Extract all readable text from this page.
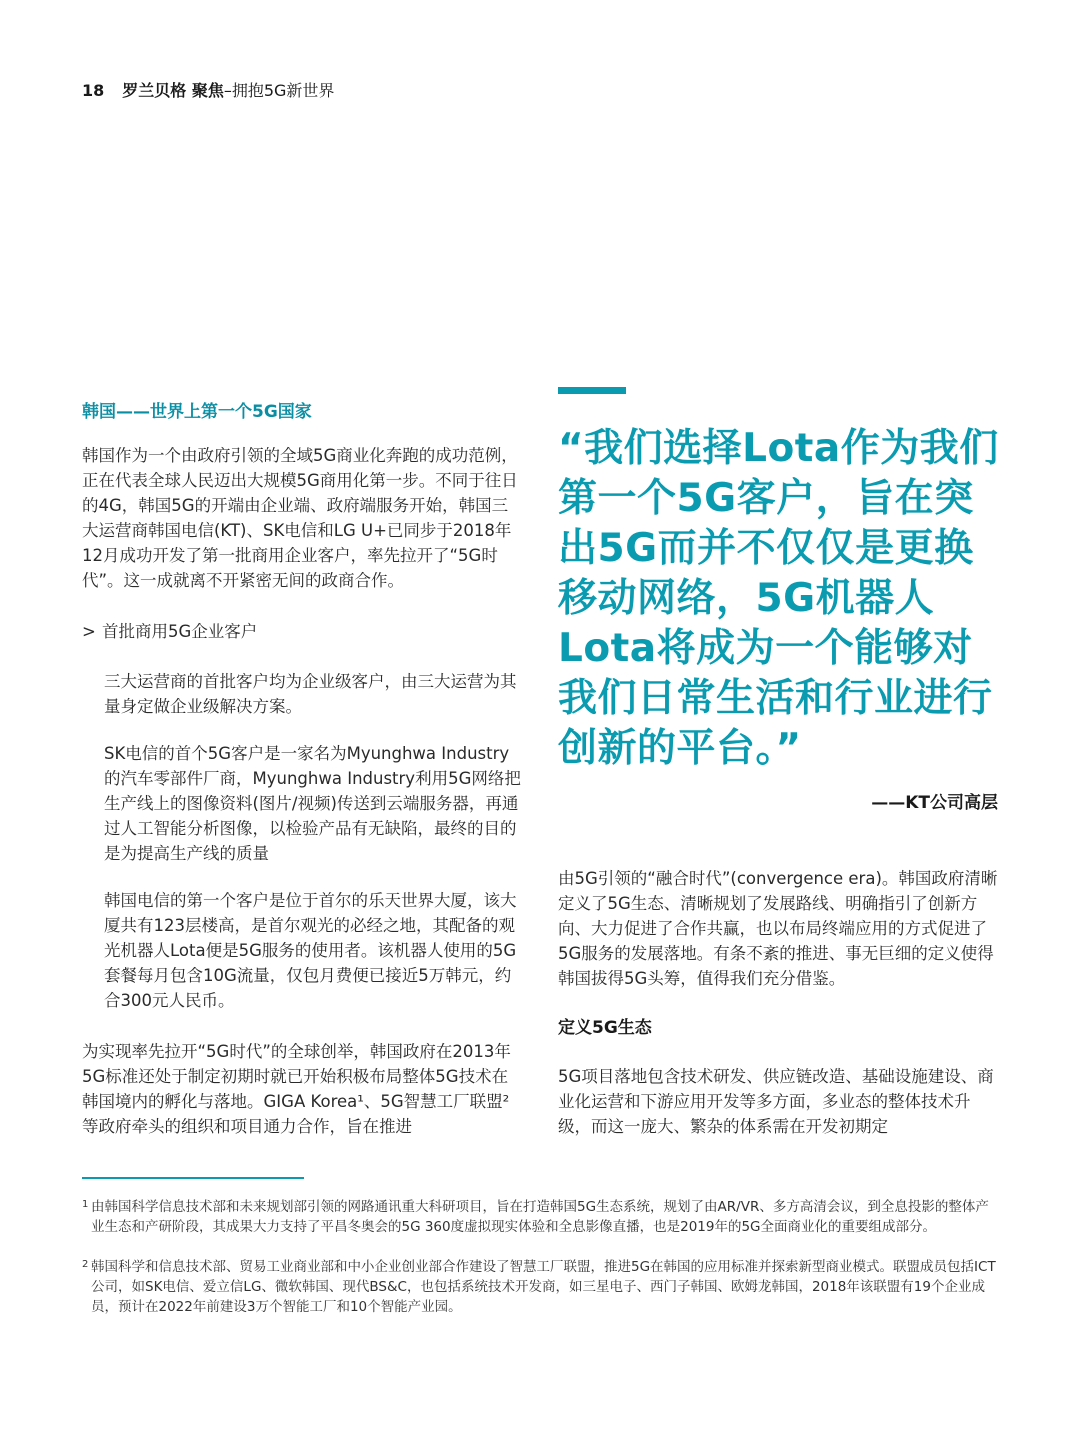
18 罗兰贝格 聚焦–拥抱5G新世界
韩国——世界上第一个5G国家

韩国作为一个由政府引领的全域5G商业化奔跑的成功范例，正在代表全球人民迈出大规模5G商用化第一步。不同于往日的4G，韩国5G的开端由企业端、政府端服务开始，韩国三大运营商韩国电信(KT)、SK电信和LG U+已同步于2018年12月成功开发了第一批商用企业客户，率先拉开了“5G时代”。这一成就离不开紧密无间的政商合作。

> 首批商用5G企业客户

三大运营商的首批客户均为企业级客户，由三大运营为其量身定做企业级解决方案。

SK电信的首个5G客户是一家名为Myunghwa Industry的汽车零部件厂商，Myunghwa Industry利用5G网络把生产线上的图像资料(图片/视频)传送到云端服务器，再通过人工智能分析图像，以检验产品有无缺陷，最终的目的是为提高生产线的质量

韩国电信的第一个客户是位于首尔的乐天世界大厦，该大厦共有123层楼高，是首尔观光的必经之地，其配备的观光机器人Lota便是5G服务的使用者。该机器人使用的5G套餐每月包含10G流量，仅包月费便已接近5万韩元，约合300元人民币。

为实现率先拉开“5G时代”的全球创举，韩国政府在2013年5G标准还处于制定初期时就已开始积极布局整体5G技术在韩国境内的孵化与落地。GIGA Korea¹、5G智慧工厂联盟²等政府牵头的组织和项目通力合作，旨在推进

“我们选择Lota作为我们第一个5G客户，旨在突出5G而并不仅仅是更换移动网络，5G机器人Lota将成为一个能够对我们日常生活和行业进行创新的平台。”
——KT公司高层

由5G引领的“融合时代”(convergence era)。韩国政府清晰定义了5G生态、清晰规划了发展路线、明确指引了创新方向、大力促进了合作共赢，也以布局终端应用的方式促进了5G服务的发展落地。有条不紊的推进、事无巨细的定义使得韩国拔得5G头筹，值得我们充分借鉴。

定义5G生态

5G项目落地包含技术研发、供应链改造、基础设施建设、商业化运营和下游应用开发等多方面，多业态的整体技术升级，而这一庞大、繁杂的体系需在开发初期定

1 由韩国科学信息技术部和未来规划部引领的网路通讯重大科研项目，旨在打造韩国5G生态系统，规划了由AR/VR、多方高清会议，到全息投影的整体产业生态和产研阶段，其成果大力支持了平昌冬奥会的5G 360度虚拟现实体验和全息影像直播，也是2019年的5G全面商业化的重要组成部分。
2 韩国科学和信息技术部、贸易工业商业部和中小企业创业部合作建设了智慧工厂联盟，推进5G在韩国的应用标准并探索新型商业模式。联盟成员包括ICT公司，如SK电信、爱立信LG、微软韩国、现代BS&C，也包括系统技术开发商，如三星电子、西门子韩国、欧姆龙韩国，2018年该联盟有19个企业成员，预计在2022年前建设3万个智能工厂和10个智能产业园。
